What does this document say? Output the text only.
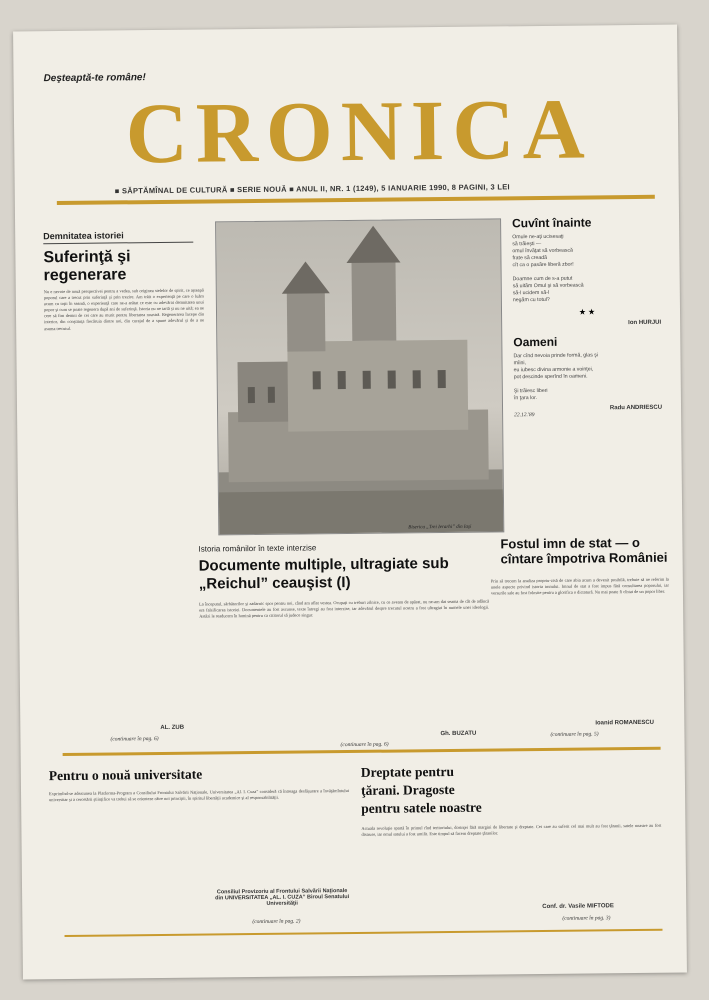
Deşteaptă-te române!
CRONICA
■ SĂPTĂMÎNAL DE CULTURĂ ■ SERIE NOUĂ ■ ANUL II, NR. 1 (1249), 5 IANUARIE 1990, 8 PAGINI, 3 LEI
Demnitatea istoriei
Suferinţă şi regenerare
Nu e nevoie de nouă perspectivei pentru a vedea, sub originea stelelor de spirit, ce aşteapă poporul care a trecut prin suferinţă şi prin trezire. Am trăit o experienţă pe care o luăm acum cu toţii în seamă, o experienţă care ne-a arătat ce este cu adevărat demnitatea unui popor şi cum se poate regenera după ani de suferinţă. Istoria nu ne iartă şi nu ne uită; ea ne cere să fim demni de cei care au murit pentru libertatea noastră. Regenerarea începe din interior, din conştiinţa fiecăruia dintre noi, din curajul de a spune adevărul şi de a ne asuma trecutul.
AL. ZUB
(continuare în pag. 6)
Biserica „Trei Ierarhi” din Iaşi
Cuvînt înainte
Omule ne-aţi ucisesaţi
să trăieşti —
omul învăţat să vorbească
frate să creadă
cît ca o pasăre liberă zbor!

Doamne cum de s-a putut
să uităm Omul şi să vorbească
să-l ucidem să-l
negăm cu totul?
★ ★
Ion HURJUI
Oameni
Dar cînd nevoia prinde formă, glas şi
mîini,
eu iubesc divina armonie a voinţei,
pot descinde sperînd în oameni.

Şi trăiesc liberi
în ţara lor.
Radu ANDRIESCU
22.12.'89
Istoria românilor în texte interzise
Documente multiple, ultragiate sub „Reichul” ceauşist (I)
La începutul, sărbătorilor şi zadarnic spor pentru noi, când am aflat vestea. Ocupaţi cu treburi zilnice, cu ce aveam de apărat, nu ne-am dat seama de cât de adâncă era falsificarea istoriei. Documentele au fost ascunse, texte întregi au fost interzise, iar adevărul despre trecutul nostru a fost ultragiat în numele unei ideologii. Astăzi le readucem în lumină pentru ca cititorul să judece singur.
Gh. BUZATU
(continuare în pag. 6)
Fostul imn de stat — o cîntare împotriva României
Prin să trecem la analiza propriu-zisă de care abia acum a devenit posibilă, trebuie să ne referim la unele aspecte privind istoria imnului. Imnul de stat a fost impus fără consultarea poporului, iar versurile sale au fost folosite pentru a glorifica o dictatură. Nu mai poate fi cîntat de un popor liber.
Ioanid ROMANESCU
(continuare în pag. 5)
Pentru o nouă universitate
Exprimînd-se adeziunea la Platforma-Program a Consiliului Frontului Salvării Naţionale, Universitatea „Al. I. Cuza” consideră că întreaga desfăşurare a învăţămîntului universitar şi a cercetării ştiinţifice va trebui să se orienteze către noi principii, în spiritul libertăţii academice şi al responsabilităţii.
Consiliul Provizoriu al Frontului Salvării Naţionale din UNIVERSITATEA „AL. I. CUZA” Biroul Senatului Universităţii
(continuare în pag. 2)
Dreptate pentru ţărani. Dragoste pentru satele noastre
Actuala revoluţie spartă în primul rînd teritoriului, dorinţei fără margini de libertate şi dreptate. Cei care au suferit cel mai mult au fost ţăranii, satele noastre au fost distruse, iar omul satului a fost umilit. Este timpul să facem dreptate ţăranilor.
Conf. dr. Vasile MIFTODE
(continuare în pag. 3)
